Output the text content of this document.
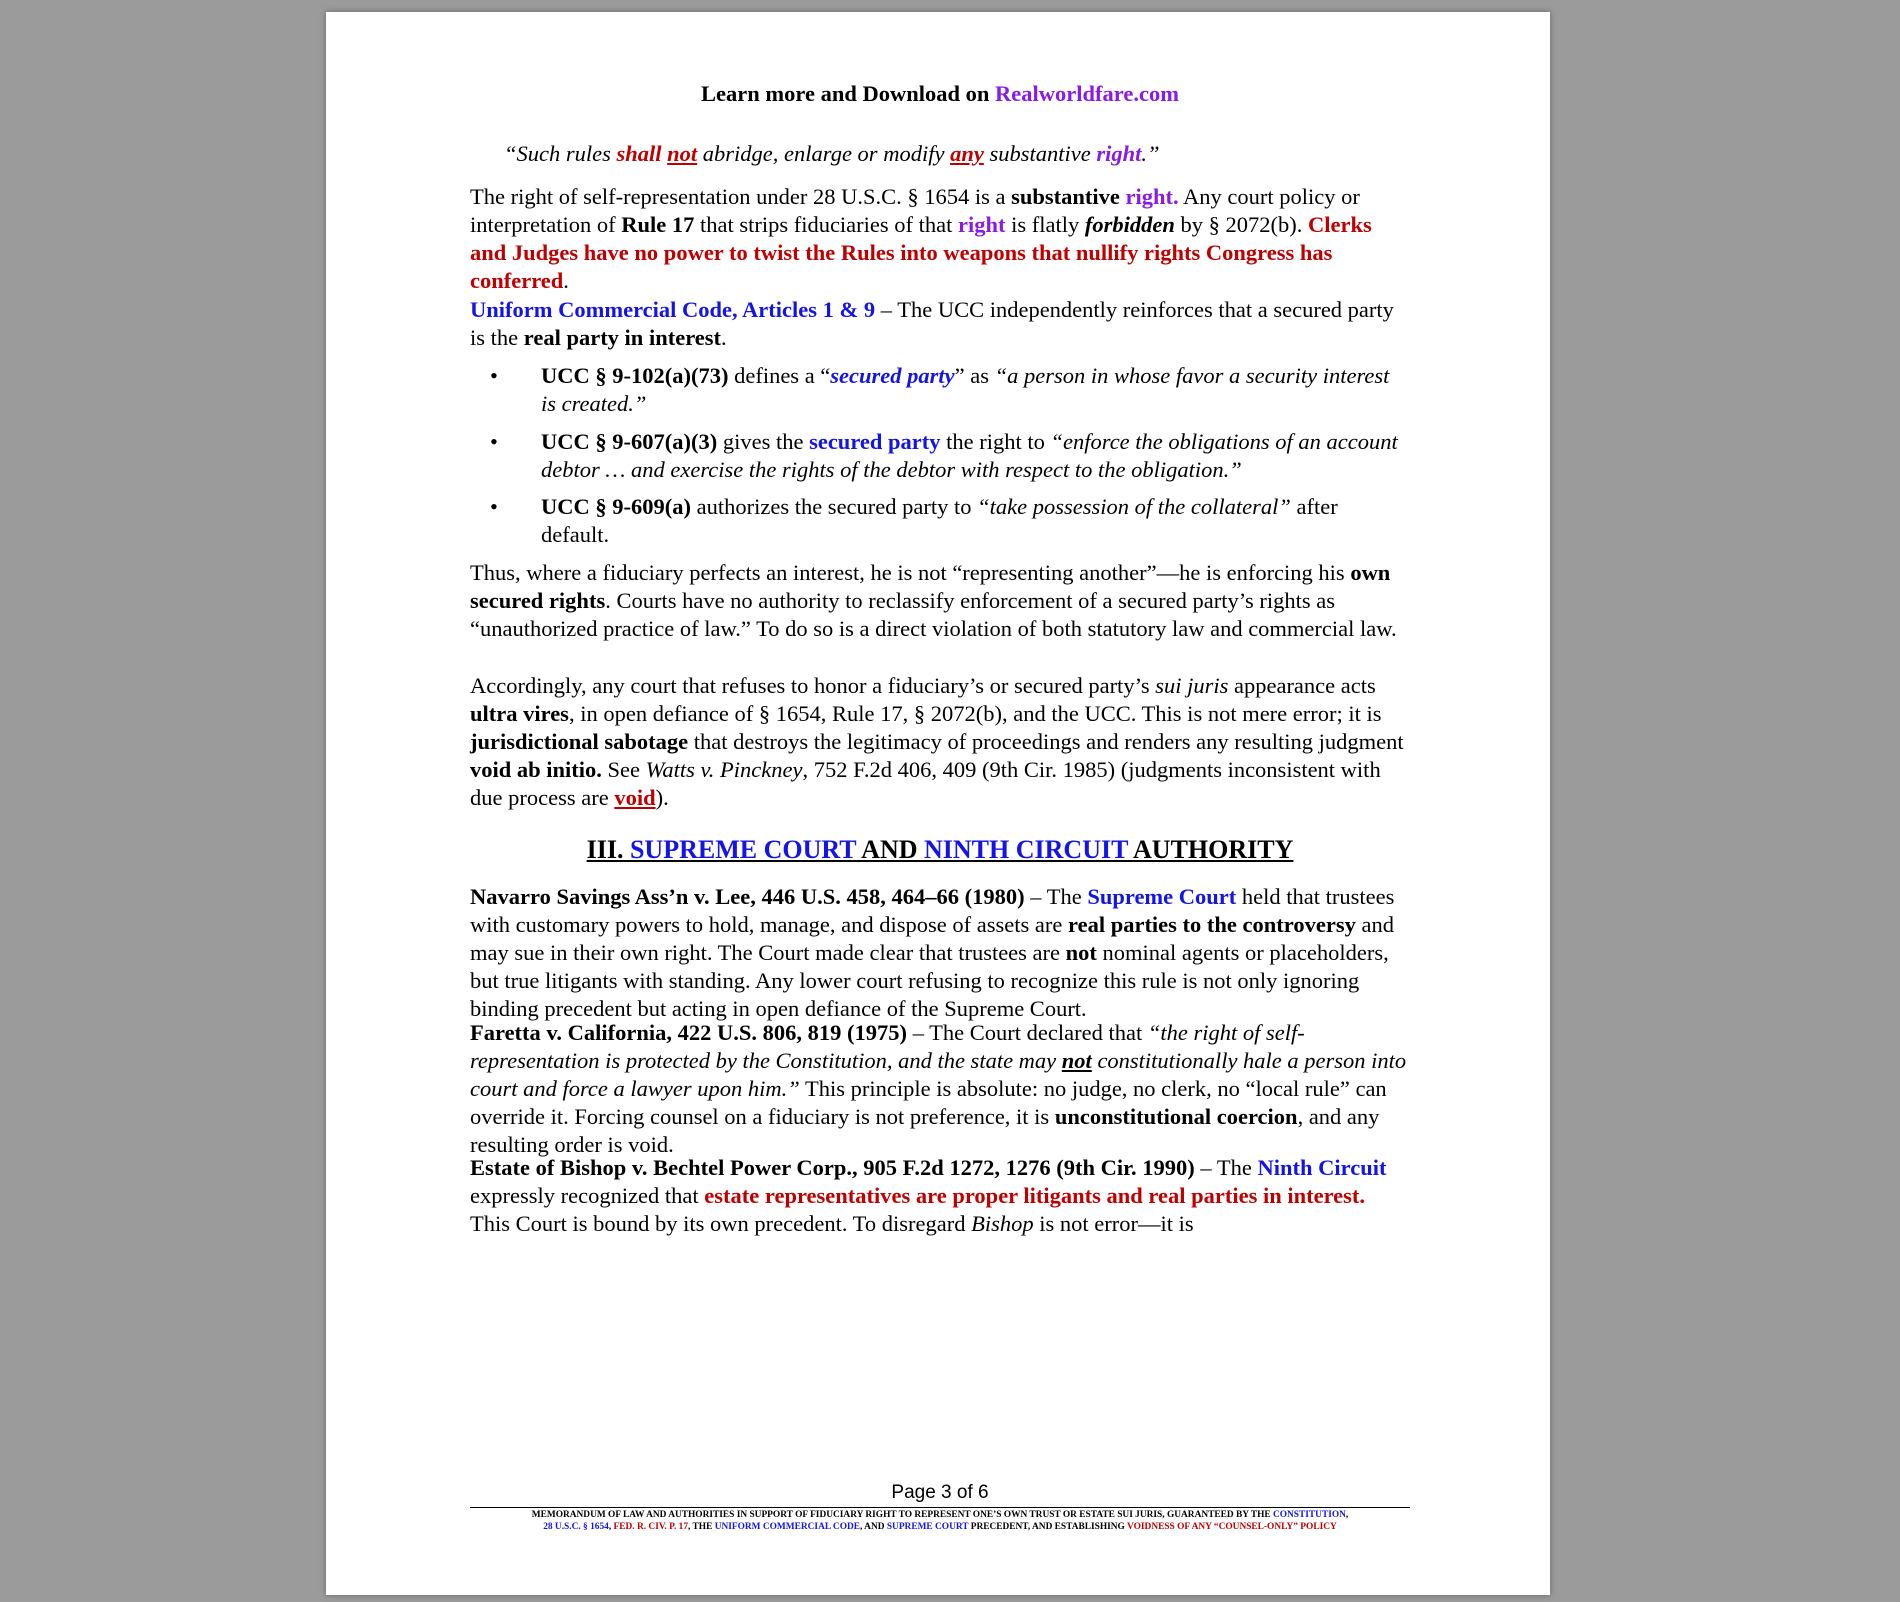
Learn more and Download on Realworldfare.com

“Such rules shall not abridge, enlarge or modify any substantive right.”

The right of self-representation under 28 U.S.C. § 1654 is a substantive right. Any court policy or interpretation of Rule 17 that strips fiduciaries of that right is flatly forbidden by § 2072(b). Clerks and Judges have no power to twist the Rules into weapons that nullify rights Congress has conferred.

Uniform Commercial Code, Articles 1 & 9 – The UCC independently reinforces that a secured party is the real party in interest.

• UCC § 9-102(a)(73) defines a “secured party” as “a person in whose favor a security interest is created.”
• UCC § 9-607(a)(3) gives the secured party the right to “enforce the obligations of an account debtor … and exercise the rights of the debtor with respect to the obligation.”
• UCC § 9-609(a) authorizes the secured party to “take possession of the collateral” after default.

Thus, where a fiduciary perfects an interest, he is not “representing another”—he is enforcing his own secured rights. Courts have no authority to reclassify enforcement of a secured party’s rights as “unauthorized practice of law.” To do so is a direct violation of both statutory law and commercial law.

Accordingly, any court that refuses to honor a fiduciary’s or secured party’s sui juris appearance acts ultra vires, in open defiance of § 1654, Rule 17, § 2072(b), and the UCC. This is not mere error; it is jurisdictional sabotage that destroys the legitimacy of proceedings and renders any resulting judgment void ab initio. See Watts v. Pinckney, 752 F.2d 406, 409 (9th Cir. 1985) (judgments inconsistent with due process are void).

III. SUPREME COURT AND NINTH CIRCUIT AUTHORITY

Navarro Savings Ass’n v. Lee, 446 U.S. 458, 464–66 (1980) – The Supreme Court held that trustees with customary powers to hold, manage, and dispose of assets are real parties to the controversy and may sue in their own right. The Court made clear that trustees are not nominal agents or placeholders, but true litigants with standing. Any lower court refusing to recognize this rule is not only ignoring binding precedent but acting in open defiance of the Supreme Court.

Faretta v. California, 422 U.S. 806, 819 (1975) – The Court declared that “the right of self-representation is protected by the Constitution, and the state may not constitutionally hale a person into court and force a lawyer upon him.” This principle is absolute: no judge, no clerk, no “local rule” can override it. Forcing counsel on a fiduciary is not preference, it is unconstitutional coercion, and any resulting order is void.

Estate of Bishop v. Bechtel Power Corp., 905 F.2d 1272, 1276 (9th Cir. 1990) – The Ninth Circuit expressly recognized that estate representatives are proper litigants and real parties in interest. This Court is bound by its own precedent. To disregard Bishop is not error—it is

Page 3 of 6
MEMORANDUM OF LAW AND AUTHORITIES IN SUPPORT OF FIDUCIARY RIGHT TO REPRESENT ONE’S OWN TRUST OR ESTATE SUI JURIS, GUARANTEED BY THE CONSTITUTION,
28 U.S.C. § 1654, FED. R. CIV. P. 17, THE UNIFORM COMMERCIAL CODE, AND SUPREME COURT PRECEDENT, AND ESTABLISHING VOIDNESS OF ANY “COUNSEL-ONLY” POLICY
